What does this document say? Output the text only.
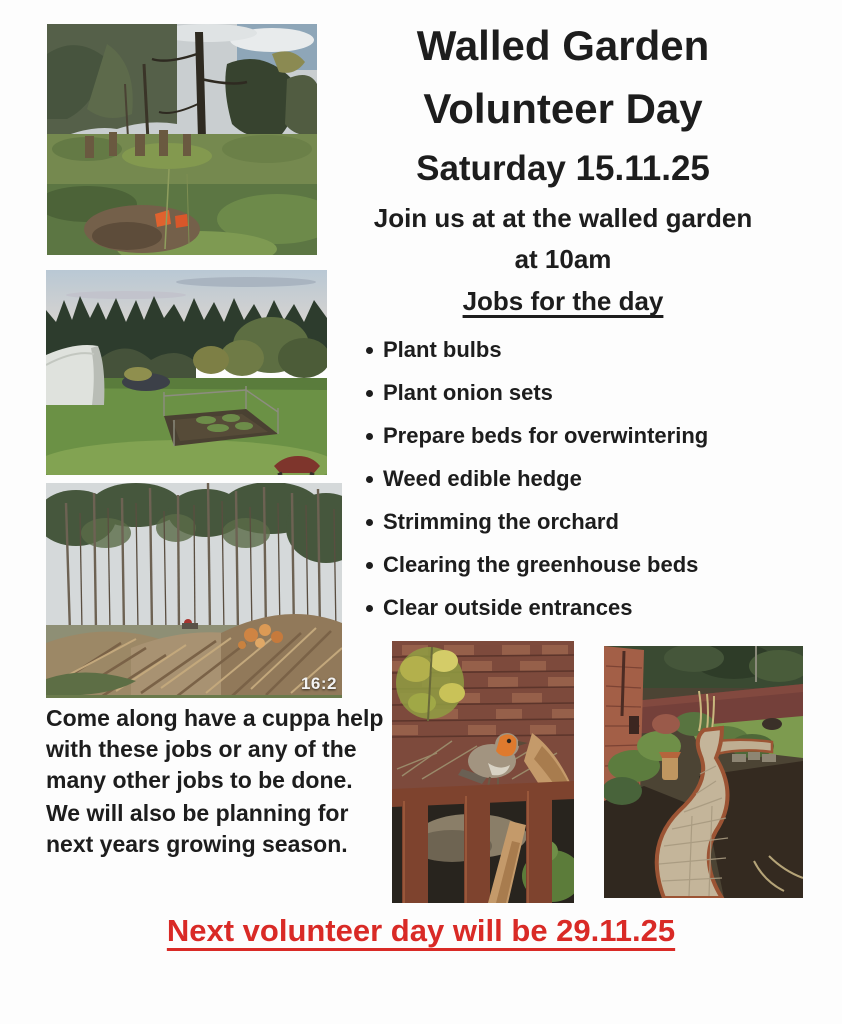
16:2
Walled Garden
Volunteer Day
Saturday 15.11.25
Join us at at the walled garden
at 10am
Jobs for the day
Plant bulbs
Plant onion sets
Prepare beds for overwintering
Weed edible hedge
Strimming the orchard
Clearing the greenhouse beds
Clear outside entrances
Come along have a cuppa help
with these jobs or any of the
many other jobs to be done.
We will also be planning for
next years growing season.
Next volunteer day will be 29.11.25
